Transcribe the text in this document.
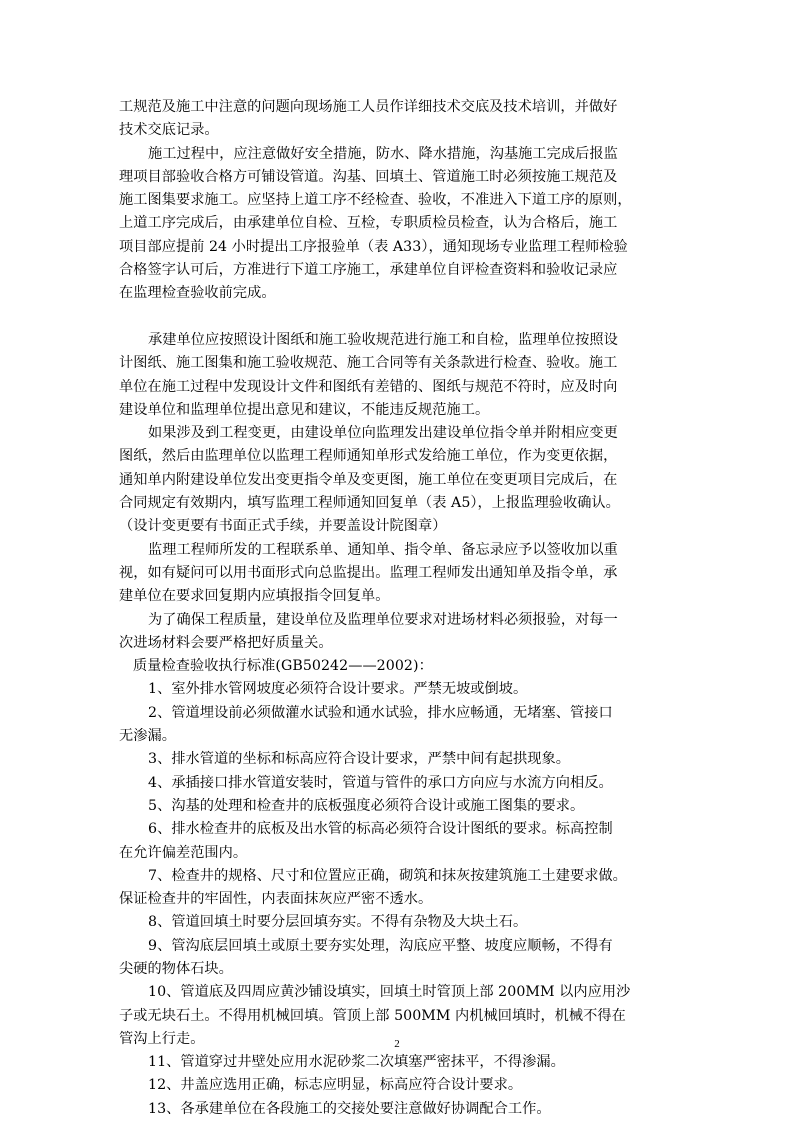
工规范及施工中注意的问题向现场施工人员作详细技术交底及技术培训，并做好

技术交底记录。

施工过程中，应注意做好安全措施，防水、降水措施，沟基施工完成后报监

理项目部验收合格方可铺设管道。沟基、回填土、管道施工时必须按施工规范及

施工图集要求施工。应坚持上道工序不经检查、验收，不准进入下道工序的原则，

上道工序完成后，由承建单位自检、互检，专职质检员检查，认为合格后，施工

项目部应提前 24 小时提出工序报验单（表 A33），通知现场专业监理工程师检验

合格签字认可后，方准进行下道工序施工，承建单位自评检查资料和验收记录应

在监理检查验收前完成。

承建单位应按照设计图纸和施工验收规范进行施工和自检，监理单位按照设

计图纸、施工图集和施工验收规范、施工合同等有关条款进行检查、验收。施工

单位在施工过程中发现设计文件和图纸有差错的、图纸与规范不符时，应及时向

建设单位和监理单位提出意见和建议，不能违反规范施工。

如果涉及到工程变更，由建设单位向监理发出建设单位指令单并附相应变更

图纸，然后由监理单位以监理工程师通知单形式发给施工单位，作为变更依据，

通知单内附建设单位发出变更指令单及变更图，施工单位在变更项目完成后，在

合同规定有效期内，填写监理工程师通知回复单（表 A5），上报监理验收确认。

（设计变更要有书面正式手续，并要盖设计院图章）

监理工程师所发的工程联系单、通知单、指令单、备忘录应予以签收加以重

视，如有疑问可以用书面形式向总监提出。监理工程师发出通知单及指令单，承

建单位在要求回复期内应填报指令回复单。

为了确保工程质量，建设单位及监理单位要求对进场材料必须报验，对每一

次进场材料会要严格把好质量关。

质量检查验收执行标准(GB50242——2002)：

1、室外排水管网坡度必须符合设计要求。严禁无坡或倒坡。

2、管道埋设前必须做灌水试验和通水试验，排水应畅通，无堵塞、管接口

无渗漏。

3、排水管道的坐标和标高应符合设计要求，严禁中间有起拱现象。

4、承插接口排水管道安装时，管道与管件的承口方向应与水流方向相反。

5、沟基的处理和检查井的底板强度必须符合设计或施工图集的要求。

6、排水检查井的底板及出水管的标高必须符合设计图纸的要求。标高控制

在允许偏差范围内。

7、检查井的规格、尺寸和位置应正确，砌筑和抹灰按建筑施工土建要求做。

保证检查井的牢固性，内表面抹灰应严密不透水。

8、管道回填土时要分层回填夯实。不得有杂物及大块土石。

9、管沟底层回填土或原土要夯实处理，沟底应平整、坡度应顺畅，不得有

尖硬的物体石块。

10、管道底及四周应黄沙铺设填实，回填土时管顶上部 200MM 以内应用沙

子或无块石土。不得用机械回填。管顶上部 500MM 内机械回填时，机械不得在

管沟上行走。

11、管道穿过井壁处应用水泥砂浆二次填塞严密抹平，不得渗漏。

12、井盖应选用正确，标志应明显，标高应符合设计要求。

13、各承建单位在各段施工的交接处要注意做好协调配合工作。

2
